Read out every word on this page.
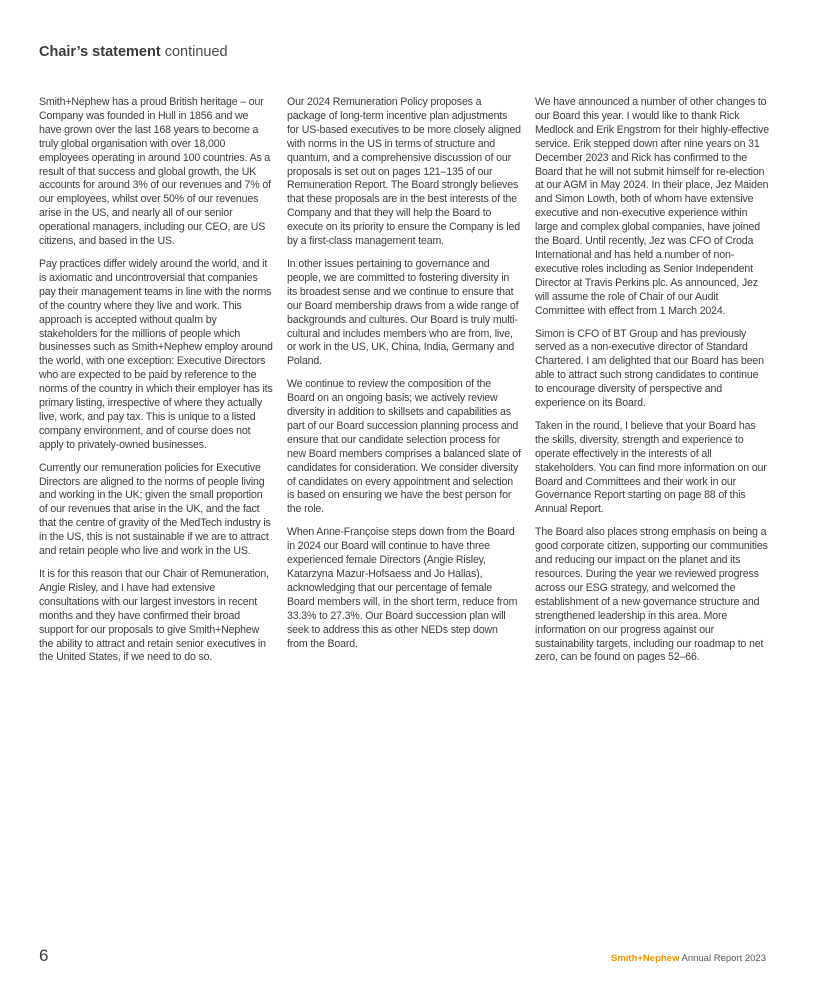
Chair’s statement continued

Smith+Nephew has a proud British heritage – our Company was founded in Hull in 1856 and we have grown over the last 168 years to become a truly global organisation with over 18,000 employees operating in around 100 countries. As a result of that success and global growth, the UK accounts for around 3% of our revenues and 7% of our employees, whilst over 50% of our revenues arise in the US, and nearly all of our senior operational managers, including our CEO, are US citizens, and based in the US.

Pay practices differ widely around the world, and it is axiomatic and uncontroversial that companies pay their management teams in line with the norms of the country where they live and work. This approach is accepted without qualm by stakeholders for the millions of people which businesses such as Smith+Nephew employ around the world, with one exception: Executive Directors who are expected to be paid by reference to the norms of the country in which their employer has its primary listing, irrespective of where they actually live, work, and pay tax. This is unique to a listed company environment, and of course does not apply to privately-owned businesses.

Currently our remuneration policies for Executive Directors are aligned to the norms of people living and working in the UK; given the small proportion of our revenues that arise in the UK, and the fact that the centre of gravity of the MedTech industry is in the US, this is not sustainable if we are to attract and retain people who live and work in the US.

It is for this reason that our Chair of Remuneration, Angie Risley, and I have had extensive consultations with our largest investors in recent months and they have confirmed their broad support for our proposals to give Smith+Nephew the ability to attract and retain senior executives in the United States, if we need to do so.

Our 2024 Remuneration Policy proposes a package of long-term incentive plan adjustments for US-based executives to be more closely aligned with norms in the US in terms of structure and quantum, and a comprehensive discussion of our proposals is set out on pages 121–135 of our Remuneration Report. The Board strongly believes that these proposals are in the best interests of the Company and that they will help the Board to execute on its priority to ensure the Company is led by a first-class management team.

In other issues pertaining to governance and people, we are committed to fostering diversity in its broadest sense and we continue to ensure that our Board membership draws from a wide range of backgrounds and cultures. Our Board is truly multi-cultural and includes members who are from, live, or work in the US, UK, China, India, Germany and Poland.

We continue to review the composition of the Board on an ongoing basis; we actively review diversity in addition to skillsets and capabilities as part of our Board succession planning process and ensure that our candidate selection process for new Board members comprises a balanced slate of candidates for consideration. We consider diversity of candidates on every appointment and selection is based on ensuring we have the best person for the role.

When Anne-Françoise steps down from the Board in 2024 our Board will continue to have three experienced female Directors (Angie Risley, Katarzyna Mazur-Hofsaess and Jo Hallas), acknowledging that our percentage of female Board members will, in the short term, reduce from 33.3% to 27.3%. Our Board succession plan will seek to address this as other NEDs step down from the Board.

We have announced a number of other changes to our Board this year. I would like to thank Rick Medlock and Erik Engstrom for their highly-effective service. Erik stepped down after nine years on 31 December 2023 and Rick has confirmed to the Board that he will not submit himself for re-election at our AGM in May 2024. In their place, Jez Maiden and Simon Lowth, both of whom have extensive executive and non-executive experience within large and complex global companies, have joined the Board. Until recently, Jez was CFO of Croda International and has held a number of non-executive roles including as Senior Independent Director at Travis Perkins plc. As announced, Jez will assume the role of Chair of our Audit Committee with effect from 1 March 2024.

Simon is CFO of BT Group and has previously served as a non-executive director of Standard Chartered. I am delighted that our Board has been able to attract such strong candidates to continue to encourage diversity of perspective and experience on its Board.

Taken in the round, I believe that your Board has the skills, diversity, strength and experience to operate effectively in the interests of all stakeholders. You can find more information on our Board and Committees and their work in our Governance Report starting on page 88 of this Annual Report.

The Board also places strong emphasis on being a good corporate citizen, supporting our communities and reducing our impact on the planet and its resources. During the year we reviewed progress across our ESG strategy, and welcomed the establishment of a new governance structure and strengthened leadership in this area. More information on our progress against our sustainability targets, including our roadmap to net zero, can be found on pages 52–66.

6	Smith+Nephew Annual Report 2023
